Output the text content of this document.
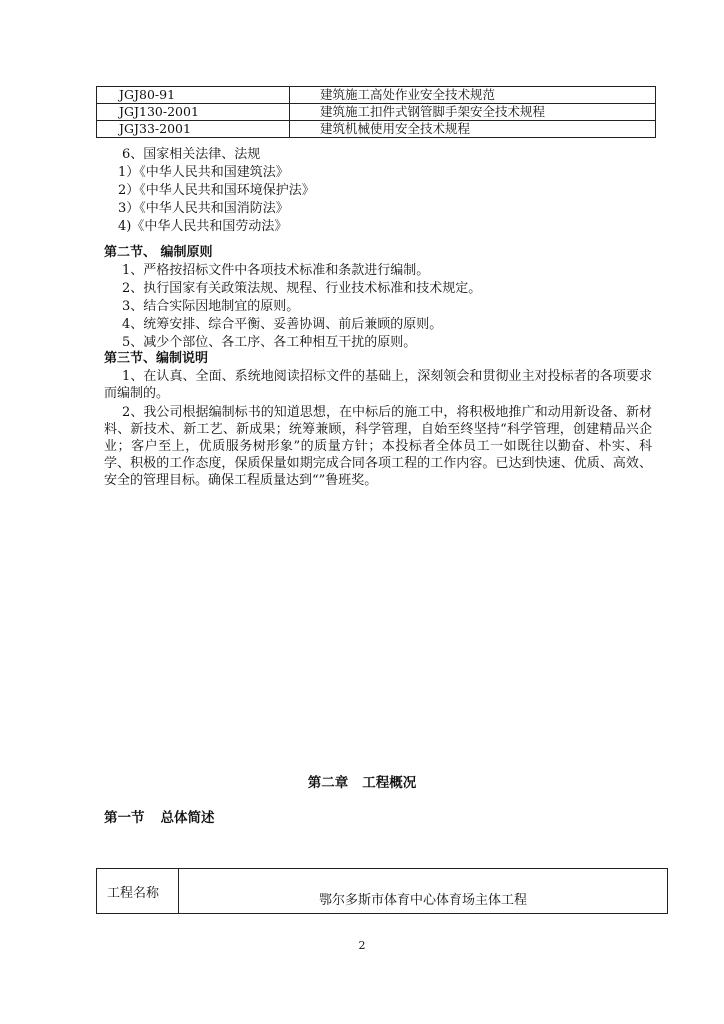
JGJ80-91	建筑施工高处作业安全技术规范
JGJ130-2001	建筑施工扣件式钢管脚手架安全技术规程
JGJ33-2001	建筑机械使用安全技术规程
6、国家相关法律、法规
1）《中华人民共和国建筑法》
2）《中华人民共和国环境保护法》
3）《中华人民共和国消防法》
4)《中华人民共和国劳动法》
第二节、 编制原则
1、严格按招标文件中各项技术标准和条款进行编制。
2、执行国家有关政策法规、规程、行业技术标准和技术规定。
3、结合实际因地制宜的原则。
4、统筹安排、综合平衡、妥善协调、前后兼顾的原则。
5、减少个部位、各工序、各工种相互干扰的原则。
第三节、编制说明
1、在认真、全面、系统地阅读招标文件的基础上，深刻领会和贯彻业主对投标者的各项要求而编制的。
2、我公司根据编制标书的知道思想，在中标后的施工中，将积极地推广和动用新设备、新材料、新技术、新工艺、新成果；统筹兼顾，科学管理，自始至终坚持“科学管理，创建精品兴企业；客户至上，优质服务树形象”的质量方针；本投标者全体员工一如既往以勤奋、朴实、科学、积极的工作态度，保质保量如期完成合同各项工程的工作内容。已达到快速、优质、高效、安全的管理目标。确保工程质量达到“”鲁班奖。
第二章 工程概况
第一节 总体简述
工程名称	鄂尔多斯市体育中心体育场主体工程
2
